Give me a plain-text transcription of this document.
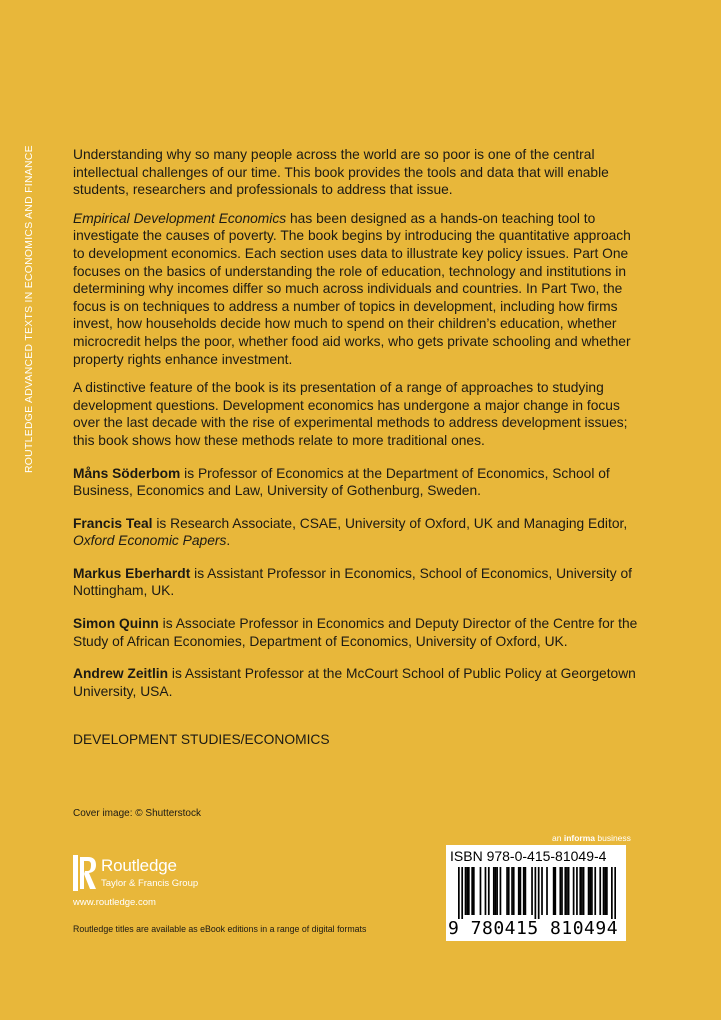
ROUTLEDGE ADVANCED TEXTS IN ECONOMICS AND FINANCE	Understanding why so many people across the world are so poor is one of the central intellectual challenges of our time. This book provides the tools and data that will enable students, researchers and professionals to address that issue.

Empirical Development Economics has been designed as a hands-on teaching tool to investigate the causes of poverty. The book begins by introducing the quantitative approach to development economics. Each section uses data to illustrate key policy issues. Part One focuses on the basics of understanding the role of education, technology and institutions in determining why incomes differ so much across individuals and countries. In Part Two, the focus is on techniques to address a number of topics in development, including how firms invest, how households decide how much to spend on their children’s education, whether microcredit helps the poor, whether food aid works, who gets private schooling and whether property rights enhance investment.

A distinctive feature of the book is its presentation of a range of approaches to studying development questions. Development economics has undergone a major change in focus over the last decade with the rise of experimental methods to address development issues; this book shows how these methods relate to more traditional ones.

Måns Söderbom is Professor of Economics at the Department of Economics, School of Business, Economics and Law, University of Gothenburg, Sweden.

Francis Teal is Research Associate, CSAE, University of Oxford, UK and Managing Editor, Oxford Economic Papers.

Markus Eberhardt is Assistant Professor in Economics, School of Economics, University of Nottingham, UK.

Simon Quinn is Associate Professor in Economics and Deputy Director of the Centre for the Study of African Economies, Department of Economics, University of Oxford, UK.

Andrew Zeitlin is Assistant Professor at the McCourt School of Public Policy at Georgetown University, USA.

DEVELOPMENT STUDIES/ECONOMICS
Cover image: © Shutterstock
Routledge
Taylor & Francis Group
www.routledge.com
Routledge titles are available as eBook editions in a range of digital formats
an informa business
ISBN 978-0-415-81049-4
9 780415 810494
